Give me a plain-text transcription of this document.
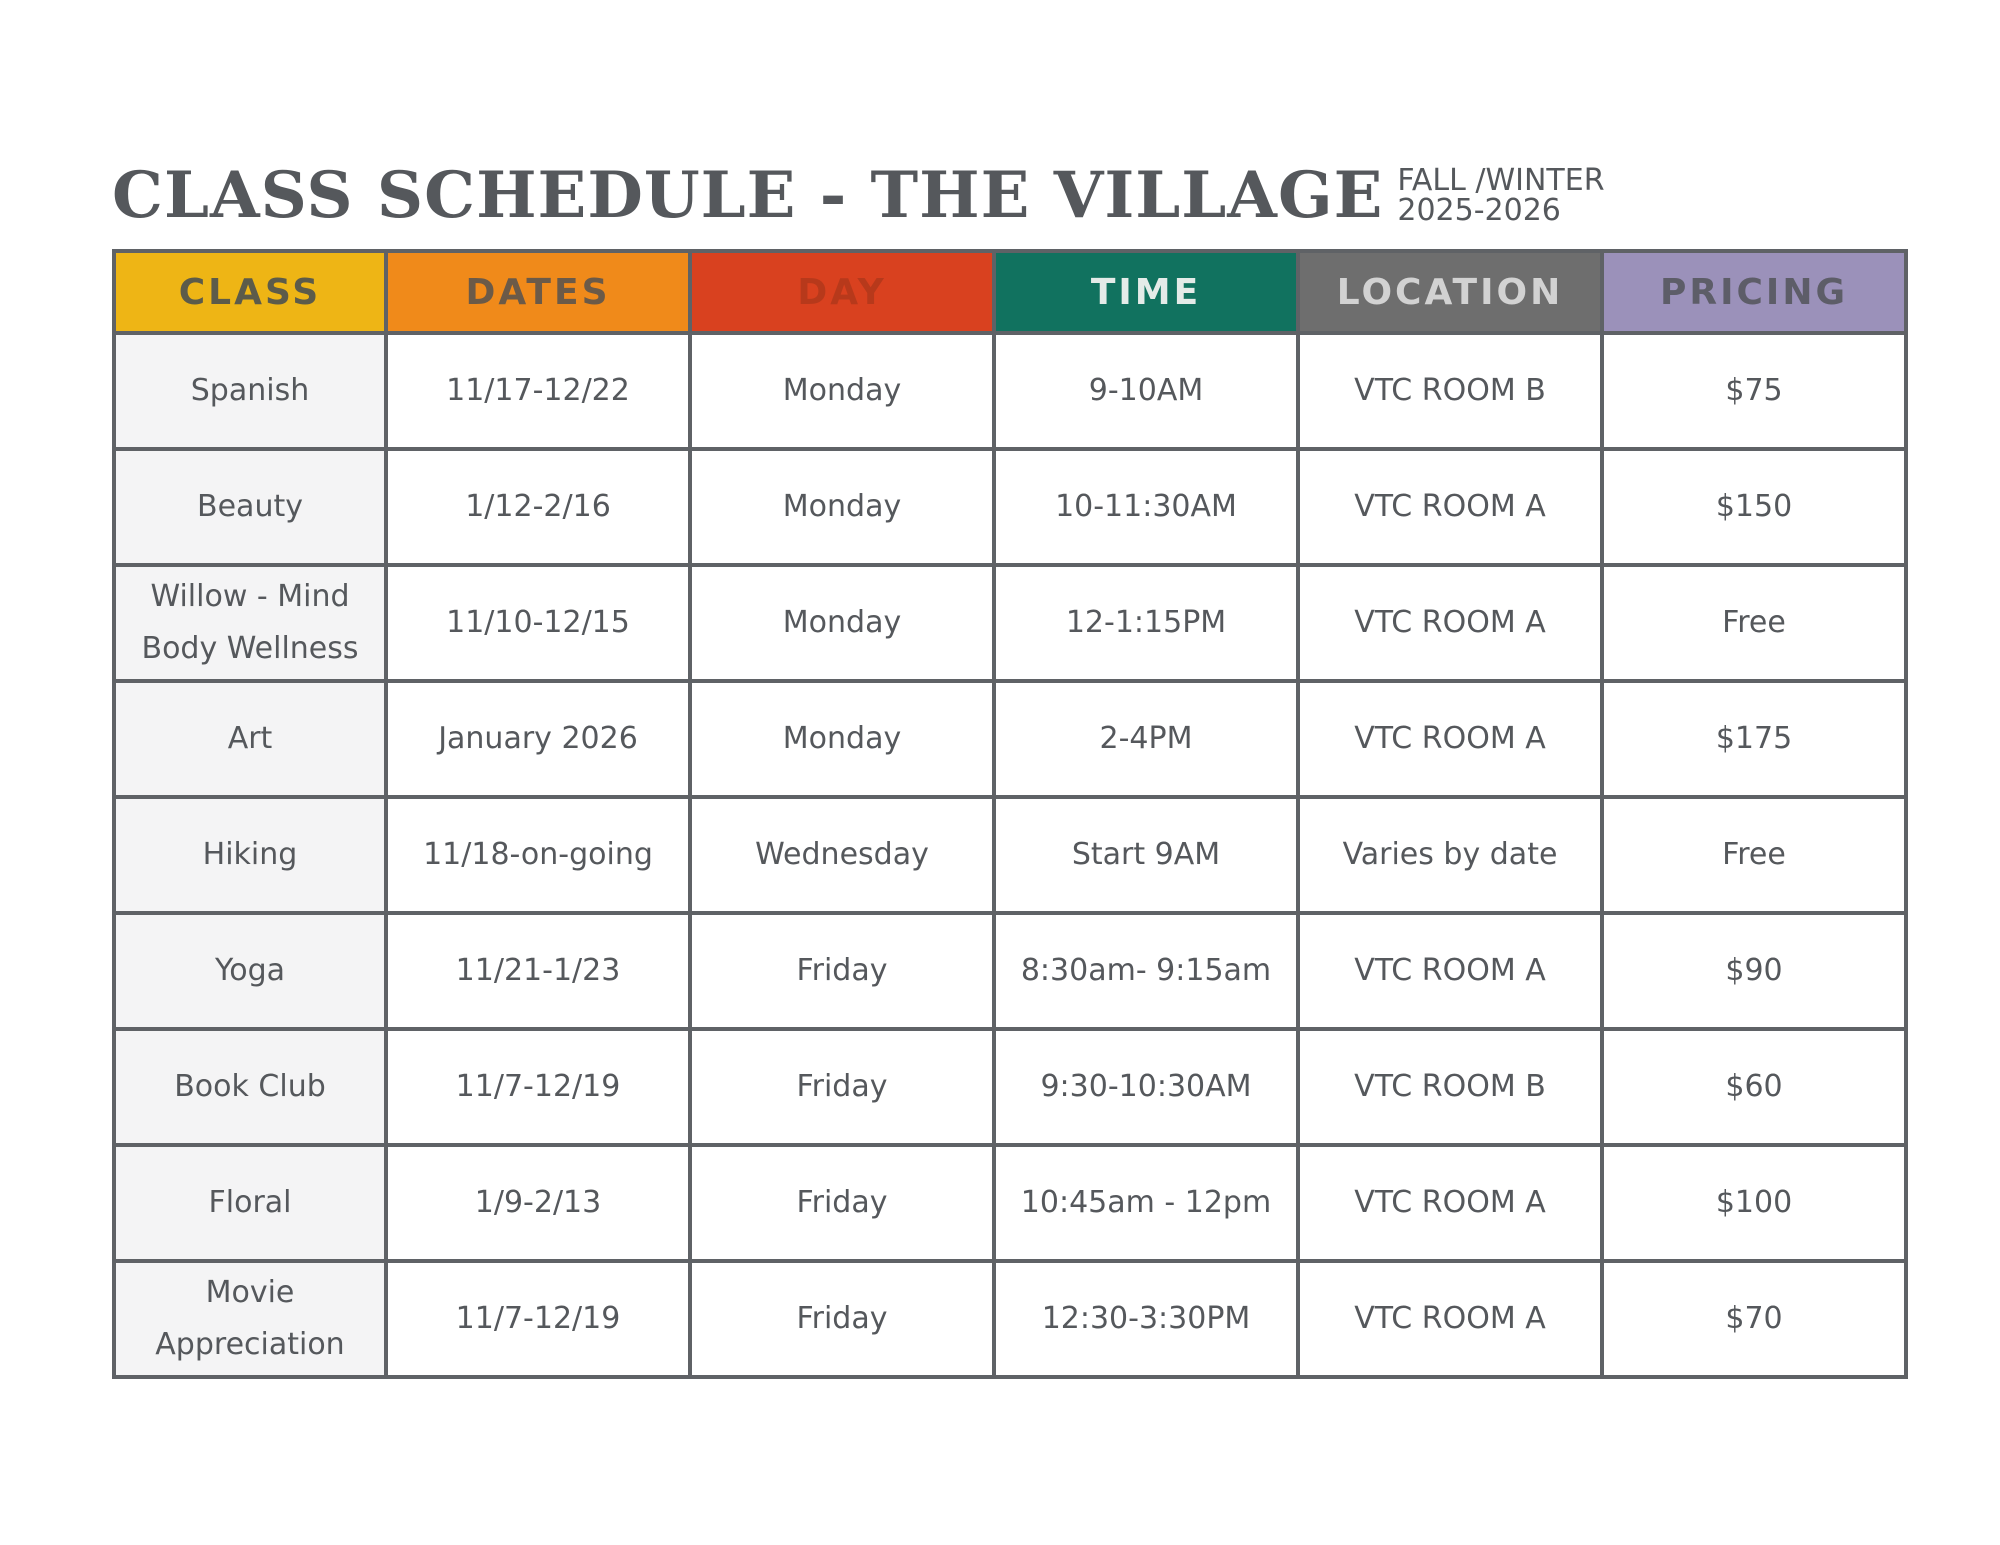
CLASS SCHEDULE - THE VILLAGE FALL /WINTER
2025-2026
CLASS	DATES	DAY	TIME	LOCATION	PRICING
Spanish	11/17-12/22	Monday	9-10AM	VTC ROOM B	$75
Beauty	1/12-2/16	Monday	10-11:30AM	VTC ROOM A	$150
Willow - Mind Body Wellness	11/10-12/15	Monday	12-1:15PM	VTC ROOM A	Free
Art	January 2026	Monday	2-4PM	VTC ROOM A	$175
Hiking	11/18-on-going	Wednesday	Start 9AM	Varies by date	Free
Yoga	11/21-1/23	Friday	8:30am- 9:15am	VTC ROOM A	$90
Book Club	11/7-12/19	Friday	9:30-10:30AM	VTC ROOM B	$60
Floral	1/9-2/13	Friday	10:45am - 12pm	VTC ROOM A	$100
Movie Appreciation	11/7-12/19	Friday	12:30-3:30PM	VTC ROOM A	$70
